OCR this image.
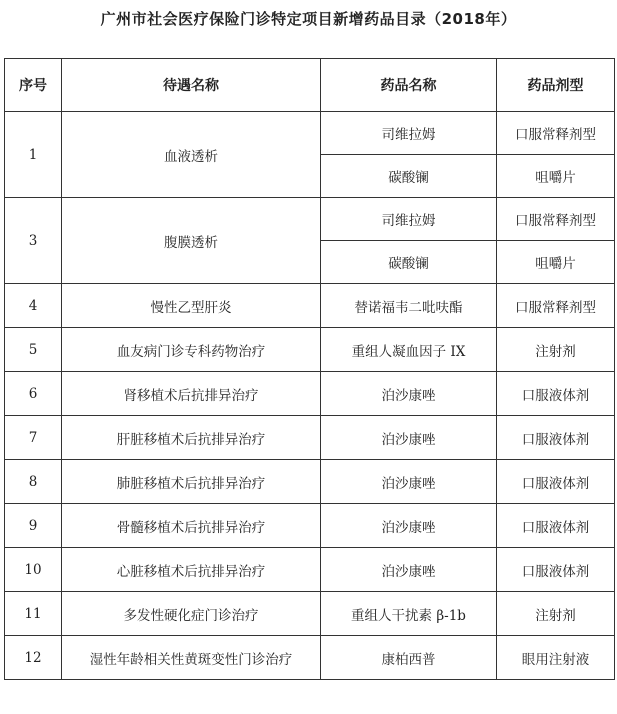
广州市社会医疗保险门诊特定项目新增药品目录（2018年）
序号	待遇名称	药品名称	药品剂型
1	血液透析	司维拉姆	口服常释剂型
		碳酸镧	咀嚼片
3	腹膜透析	司维拉姆	口服常释剂型
		碳酸镧	咀嚼片
4	慢性乙型肝炎	替诺福韦二吡呋酯	口服常释剂型
5	血友病门诊专科药物治疗	重组人凝血因子 IX	注射剂
6	肾移植术后抗排异治疗	泊沙康唑	口服液体剂
7	肝脏移植术后抗排异治疗	泊沙康唑	口服液体剂
8	肺脏移植术后抗排异治疗	泊沙康唑	口服液体剂
9	骨髓移植术后抗排异治疗	泊沙康唑	口服液体剂
10	心脏移植术后抗排异治疗	泊沙康唑	口服液体剂
11	多发性硬化症门诊治疗	重组人干扰素 β-1b	注射剂
12	湿性年龄相关性黄斑变性门诊治疗	康柏西普	眼用注射液
